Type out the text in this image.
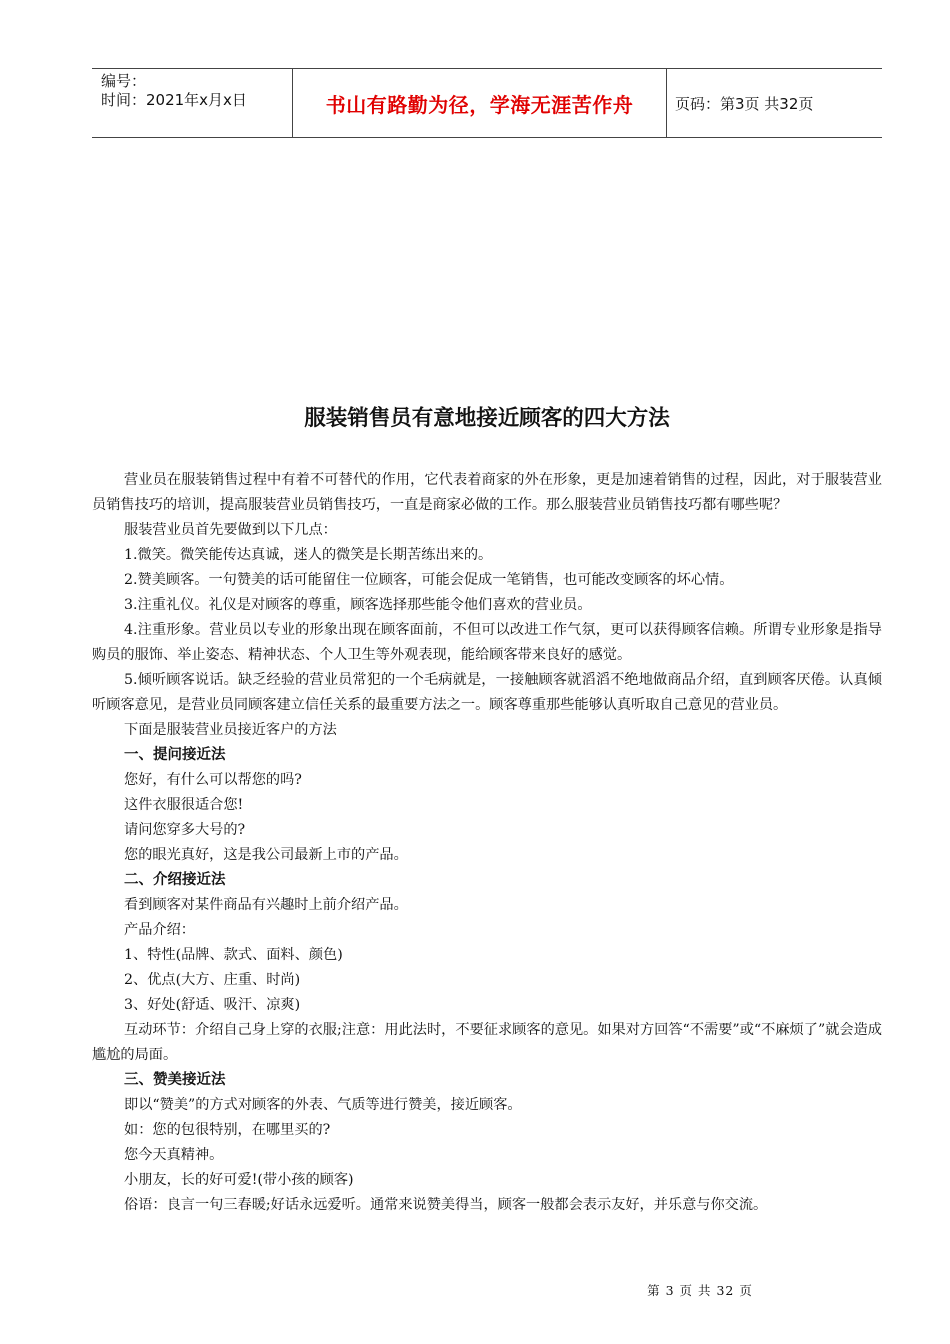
编号：
时间：2021年x月x日	书山有路勤为径，学海无涯苦作舟	页码：第3页 共32页
服装销售员有意地接近顾客的四大方法

营业员在服装销售过程中有着不可替代的作用，它代表着商家的外在形象，更是加速着销售的过程，因此，对于服装营业员销售技巧的培训，提高服装营业员销售技巧，一直是商家必做的工作。那么服装营业员销售技巧都有哪些呢？

服装营业员首先要做到以下几点：

1.微笑。微笑能传达真诚，迷人的微笑是长期苦练出来的。

2.赞美顾客。一句赞美的话可能留住一位顾客，可能会促成一笔销售，也可能改变顾客的坏心情。

3.注重礼仪。礼仪是对顾客的尊重，顾客选择那些能令他们喜欢的营业员。

4.注重形象。营业员以专业的形象出现在顾客面前，不但可以改进工作气氛，更可以获得顾客信赖。所谓专业形象是指导购员的服饰、举止姿态、精神状态、个人卫生等外观表现，能给顾客带来良好的感觉。

5.倾听顾客说话。缺乏经验的营业员常犯的一个毛病就是，一接触顾客就滔滔不绝地做商品介绍，直到顾客厌倦。认真倾听顾客意见，是营业员同顾客建立信任关系的最重要方法之一。顾客尊重那些能够认真听取自己意见的营业员。

下面是服装营业员接近客户的方法

一、提问接近法

您好，有什么可以帮您的吗?

这件衣服很适合您!

请问您穿多大号的?

您的眼光真好，这是我公司最新上市的产品。

二、介绍接近法

看到顾客对某件商品有兴趣时上前介绍产品。

产品介绍：

1、特性(品牌、款式、面料、颜色)

2、优点(大方、庄重、时尚)

3、好处(舒适、吸汗、凉爽)

互动环节：介绍自己身上穿的衣服;注意：用此法时，不要征求顾客的意见。如果对方回答“不需要”或“不麻烦了”就会造成尴尬的局面。

三、赞美接近法

即以“赞美”的方式对顾客的外表、气质等进行赞美，接近顾客。

如：您的包很特别，在哪里买的?

您今天真精神。

小朋友，长的好可爱!(带小孩的顾客)

俗语：良言一句三春暖;好话永远爱听。通常来说赞美得当，顾客一般都会表示友好，并乐意与你交流。

第 3 页 共 32 页
